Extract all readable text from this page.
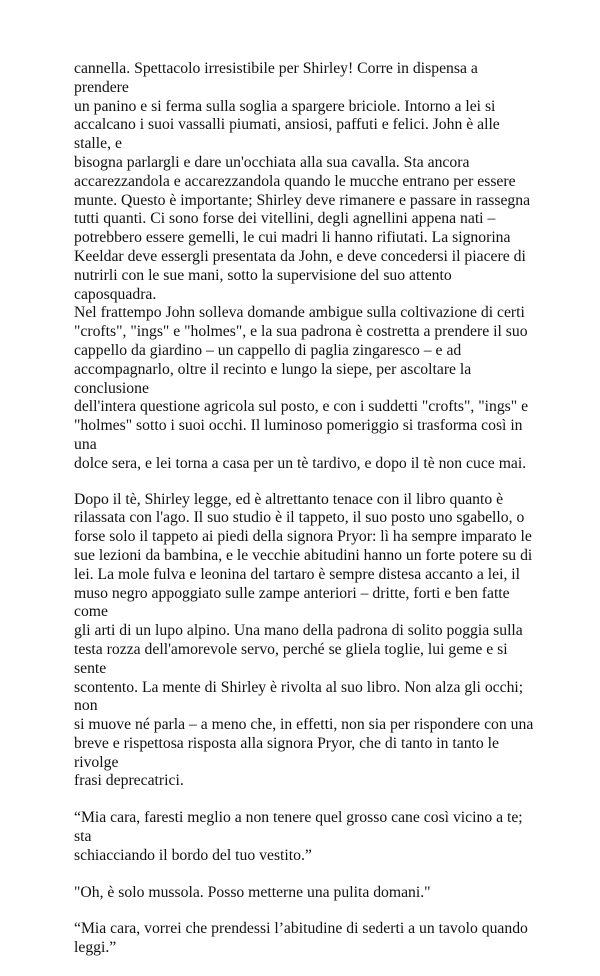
cannella. Spettacolo irresistibile per Shirley! Corre in dispensa a prendere
un panino e si ferma sulla soglia a spargere briciole. Intorno a lei si
accalcano i suoi vassalli piumati, ansiosi, paffuti e felici. John è alle stalle, e
bisogna parlargli e dare un'occhiata alla sua cavalla. Sta ancora
accarezzandola e accarezzandola quando le mucche entrano per essere
munte. Questo è importante; Shirley deve rimanere e passare in rassegna
tutti quanti. Ci sono forse dei vitellini, degli agnellini appena nati –
potrebbero essere gemelli, le cui madri li hanno rifiutati. La signorina
Keeldar deve essergli presentata da John, e deve concedersi il piacere di
nutrirli con le sue mani, sotto la supervisione del suo attento caposquadra.
Nel frattempo John solleva domande ambigue sulla coltivazione di certi
"crofts", "ings" e "holmes", e la sua padrona è costretta a prendere il suo
cappello da giardino – un cappello di paglia zingaresco – e ad
accompagnarlo, oltre il recinto e lungo la siepe, per ascoltare la conclusione
dell'intera questione agricola sul posto, e con i suddetti "crofts", "ings" e
"holmes" sotto i suoi occhi. Il luminoso pomeriggio si trasforma così in una
dolce sera, e lei torna a casa per un tè tardivo, e dopo il tè non cuce mai.

Dopo il tè, Shirley legge, ed è altrettanto tenace con il libro quanto è
rilassata con l'ago. Il suo studio è il tappeto, il suo posto uno sgabello, o
forse solo il tappeto ai piedi della signora Pryor: lì ha sempre imparato le
sue lezioni da bambina, e le vecchie abitudini hanno un forte potere su di
lei. La mole fulva e leonina del tartaro è sempre distesa accanto a lei, il
muso negro appoggiato sulle zampe anteriori – dritte, forti e ben fatte come
gli arti di un lupo alpino. Una mano della padrona di solito poggia sulla
testa rozza dell'amorevole servo, perché se gliela toglie, lui geme e si sente
scontento. La mente di Shirley è rivolta al suo libro. Non alza gli occhi; non
si muove né parla – a meno che, in effetti, non sia per rispondere con una
breve e rispettosa risposta alla signora Pryor, che di tanto in tanto le rivolge
frasi deprecatrici.

“Mia cara, faresti meglio a non tenere quel grosso cane così vicino a te; sta
schiacciando il bordo del tuo vestito.”

"Oh, è solo mussola. Posso metterne una pulita domani."

“Mia cara, vorrei che prendessi l’abitudine di sederti a un tavolo quando
leggi.”
